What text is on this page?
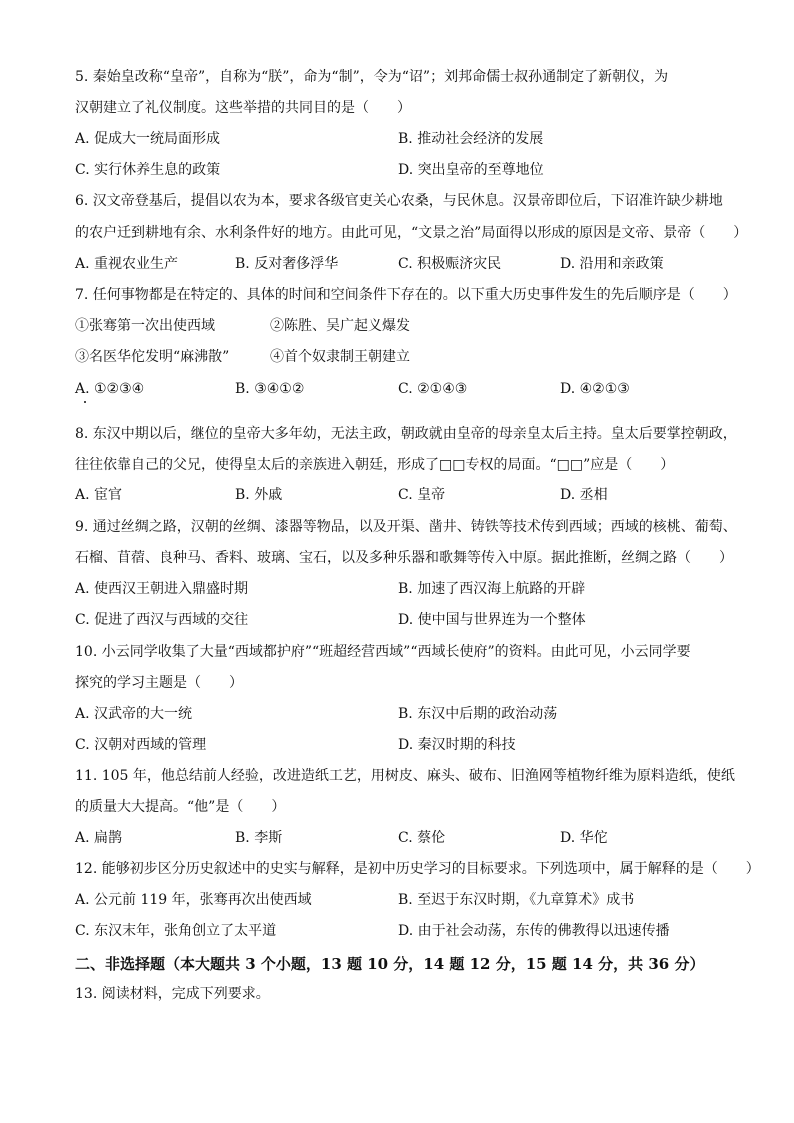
5. 秦始皇改称“皇帝”，自称为“朕”，命为“制”，令为“诏”；刘邦命儒士叔孙通制定了新朝仪，为
汉朝建立了礼仪制度。这些举措的共同目的是（　　）
A. 促成大一统局面形成	B. 推动社会经济的发展
C. 实行休养生息的政策	D. 突出皇帝的至尊地位
6. 汉文帝登基后，提倡以农为本，要求各级官吏关心农桑，与民休息。汉景帝即位后，下诏准许缺少耕地
的农户迁到耕地有余、水利条件好的地方。由此可见，“文景之治”局面得以形成的原因是文帝、景帝（　　）
A. 重视农业生产	B. 反对奢侈浮华	C. 积极赈济灾民	D. 沿用和亲政策
7. 任何事物都是在特定的、具体的时间和空间条件下存在的。以下重大历史事件发生的先后顺序是（　　）
①张骞第一次出使西域	②陈胜、吴广起义爆发
③名医华佗发明“麻沸散”	④首个奴隶制王朝建立
A. ①②③④	B. ③④①②	C. ②①④③	D. ④②①③
8. 东汉中期以后，继位的皇帝大多年幼，无法主政，朝政就由皇帝的母亲皇太后主持。皇太后要掌控朝政，
往往依靠自己的父兄，使得皇太后的亲族进入朝廷，形成了□□专权的局面。“□□”应是（　　）
A. 宦官	B. 外戚	C. 皇帝	D. 丞相
9. 通过丝绸之路，汉朝的丝绸、漆器等物品，以及开渠、凿井、铸铁等技术传到西域；西域的核桃、葡萄、
石榴、苜蓿、良种马、香料、玻璃、宝石，以及多种乐器和歌舞等传入中原。据此推断，丝绸之路（　　）
A. 使西汉王朝进入鼎盛时期	B. 加速了西汉海上航路的开辟
C. 促进了西汉与西域的交往	D. 使中国与世界连为一个整体
10. 小云同学收集了大量“西域都护府”“班超经营西域”“西域长使府”的资料。由此可见，小云同学要
探究的学习主题是（　　）
A. 汉武帝的大一统	B. 东汉中后期的政治动荡
C. 汉朝对西域的管理	D. 秦汉时期的科技
11. 105 年，他总结前人经验，改进造纸工艺，用树皮、麻头、破布、旧渔网等植物纤维为原料造纸，使纸
的质量大大提高。“他”是（　　）
A. 扁鹊	B. 李斯	C. 蔡伦	D. 华佗
12. 能够初步区分历史叙述中的史实与解释，是初中历史学习的目标要求。下列选项中，属于解释的是（　　）
A. 公元前 119 年，张骞再次出使西域	B. 至迟于东汉时期，《九章算术》成书
C. 东汉末年，张角创立了太平道	D. 由于社会动荡，东传的佛教得以迅速传播
二、非选择题（本大题共 3 个小题，13 题 10 分，14 题 12 分，15 题 14 分，共 36 分）
13. 阅读材料，完成下列要求。
